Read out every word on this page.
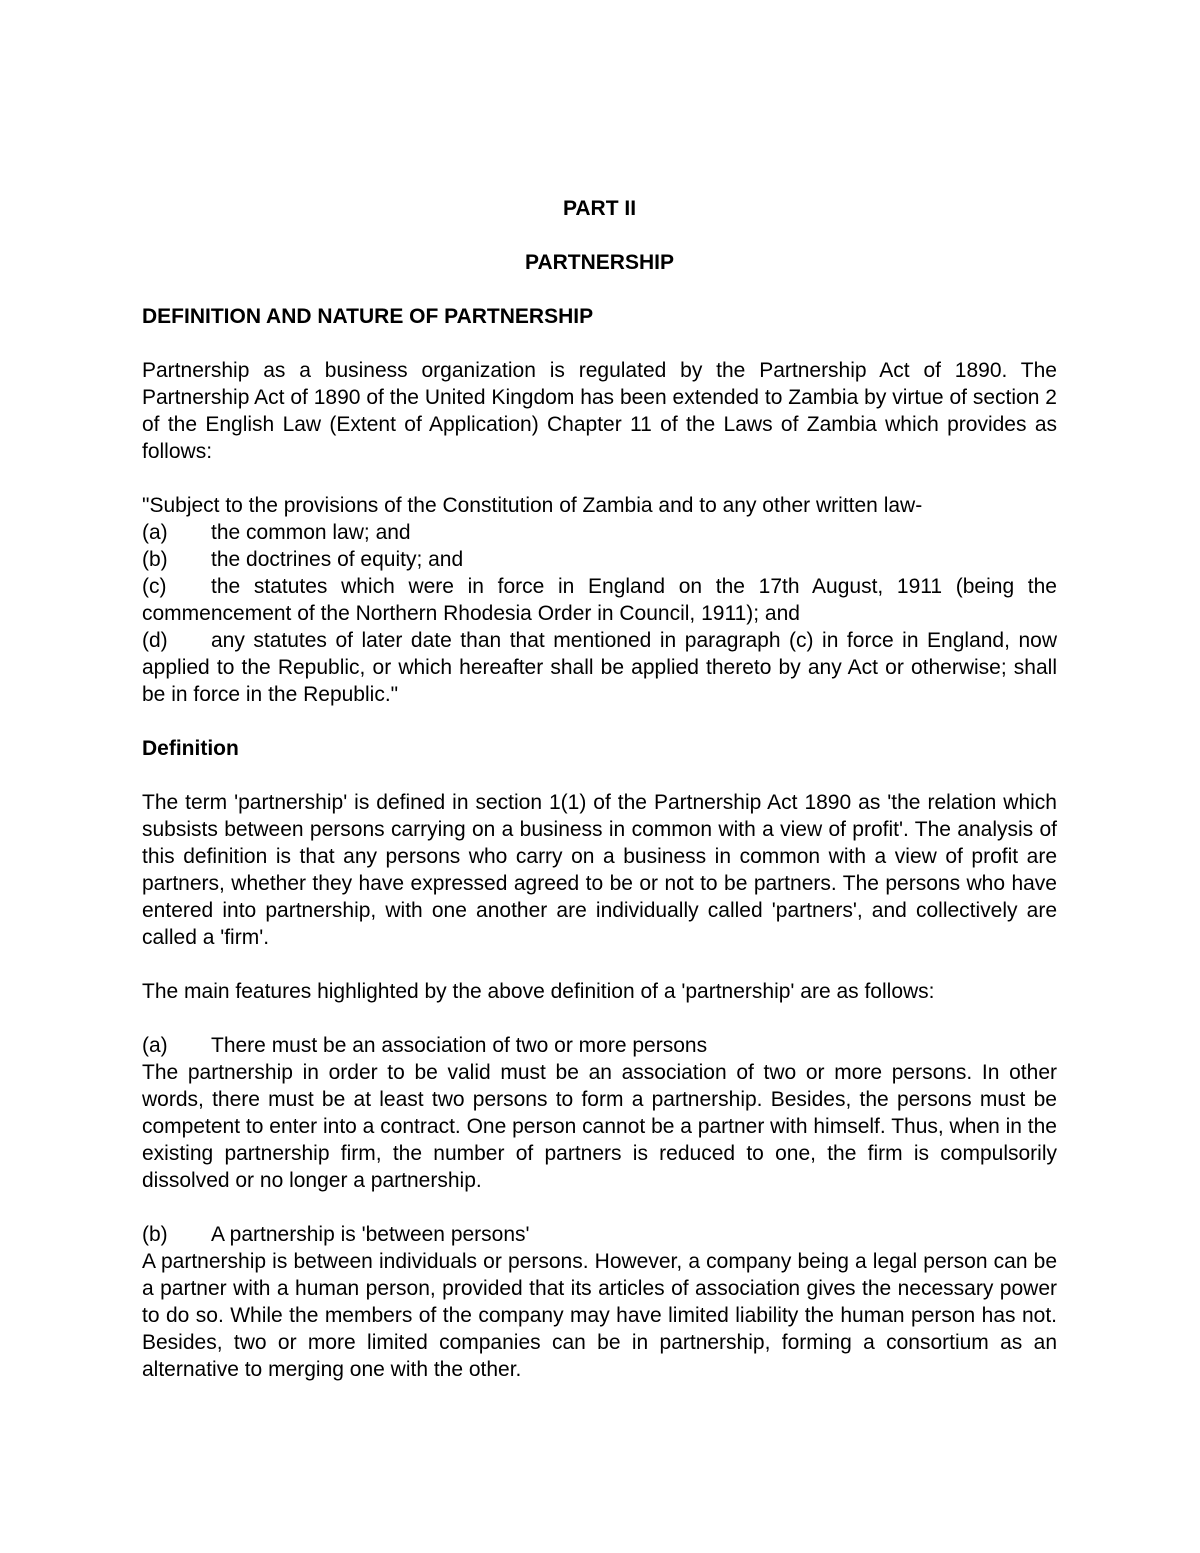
PART II

PARTNERSHIP

DEFINITION AND NATURE OF PARTNERSHIP

Partnership as a business organization is regulated by the Partnership Act of 1890. The Partnership Act of 1890 of the United Kingdom has been extended to Zambia by virtue of section 2 of the English Law (Extent of Application) Chapter 11 of the Laws of Zambia which provides as follows:

"Subject to the provisions of the Constitution of Zambia and to any other written law-

(a)	the common law; and
(b)	the doctrines of equity; and

(c) the statutes which were in force in England on the 17th August, 1911 (being the commencement of the Northern Rhodesia Order in Council, 1911); and

(d) any statutes of later date than that mentioned in paragraph (c) in force in England, now applied to the Republic, or which hereafter shall be applied thereto by any Act or otherwise; shall be in force in the Republic."

Definition

The term 'partnership' is defined in section 1(1) of the Partnership Act 1890 as 'the relation which subsists between persons carrying on a business in common with a view of profit'. The analysis of this definition is that any persons who carry on a business in common with a view of profit are partners, whether they have expressed agreed to be or not to be partners. The persons who have entered into partnership, with one another are individually called 'partners', and collectively are called a 'firm'.

The main features highlighted by the above definition of a 'partnership' are as follows:

(a)	There must be an association of two or more persons

The partnership in order to be valid must be an association of two or more persons. In other words, there must be at least two persons to form a partnership. Besides, the persons must be competent to enter into a contract. One person cannot be a partner with himself. Thus, when in the existing partnership firm, the number of partners is reduced to one, the firm is compulsorily dissolved or no longer a partnership.

(b)	A partnership is 'between persons'

A partnership is between individuals or persons. However, a company being a legal person can be a partner with a human person, provided that its articles of association gives the necessary power to do so. While the members of the company may have limited liability the human person has not. Besides, two or more limited companies can be in partnership, forming a consortium as an alternative to merging one with the other.
